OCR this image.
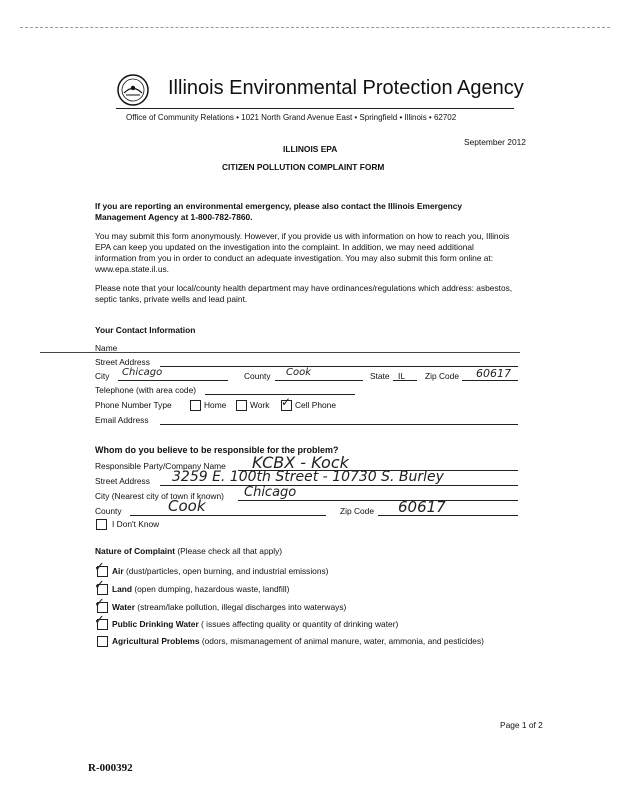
Illinois Environmental Protection Agency
Office of Community Relations • 1021 North Grand Avenue East • Springfield • Illinois • 62702
September 2012
ILLINOIS EPA
CITIZEN POLLUTION COMPLAINT FORM
If you are reporting an environmental emergency, please also contact the Illinois Emergency Management Agency at 1-800-782-7860.
You may submit this form anonymously. However, if you provide us with information on how to reach you, Illinois
EPA can keep you updated on the investigation into the complaint. In addition, we may need additional
information from you in order to conduct an adequate investigation. You may also submit this form online at:
www.epa.state.il.us.
Please note that your local/county health department may have ordinances/regulations which address: asbestos,
septic tanks, private wells and lead paint.
Your Contact Information
Name
Street Address
City Chicago	County Cook	State IL Zip Code 60617
Telephone (with area code)
Phone Number Type	Home	Work ✓ Cell Phone
Email Address
Whom do you believe to be responsible for the problem?
Responsible Party/Company Name KCBX - Kock
Street Address 3259 E. 100th Street - 10730 S. Burley
City (Nearest city of town if known) Chicago
County	Cook	Zip Code 60617
I Don't Know
Nature of Complaint (Please check all that apply)
✓ Air (dust/particles, open burning, and industrial emissions)
✓ Land (open dumping, hazardous waste, landfill)
✓ Water (stream/lake pollution, illegal discharges into waterways)
✓ Public Drinking Water ( issues affecting quality or quantity of drinking water)
Agricultural Problems (odors, mismanagement of animal manure, water, ammonia, and pesticides)
Page 1 of 2
R-000392
